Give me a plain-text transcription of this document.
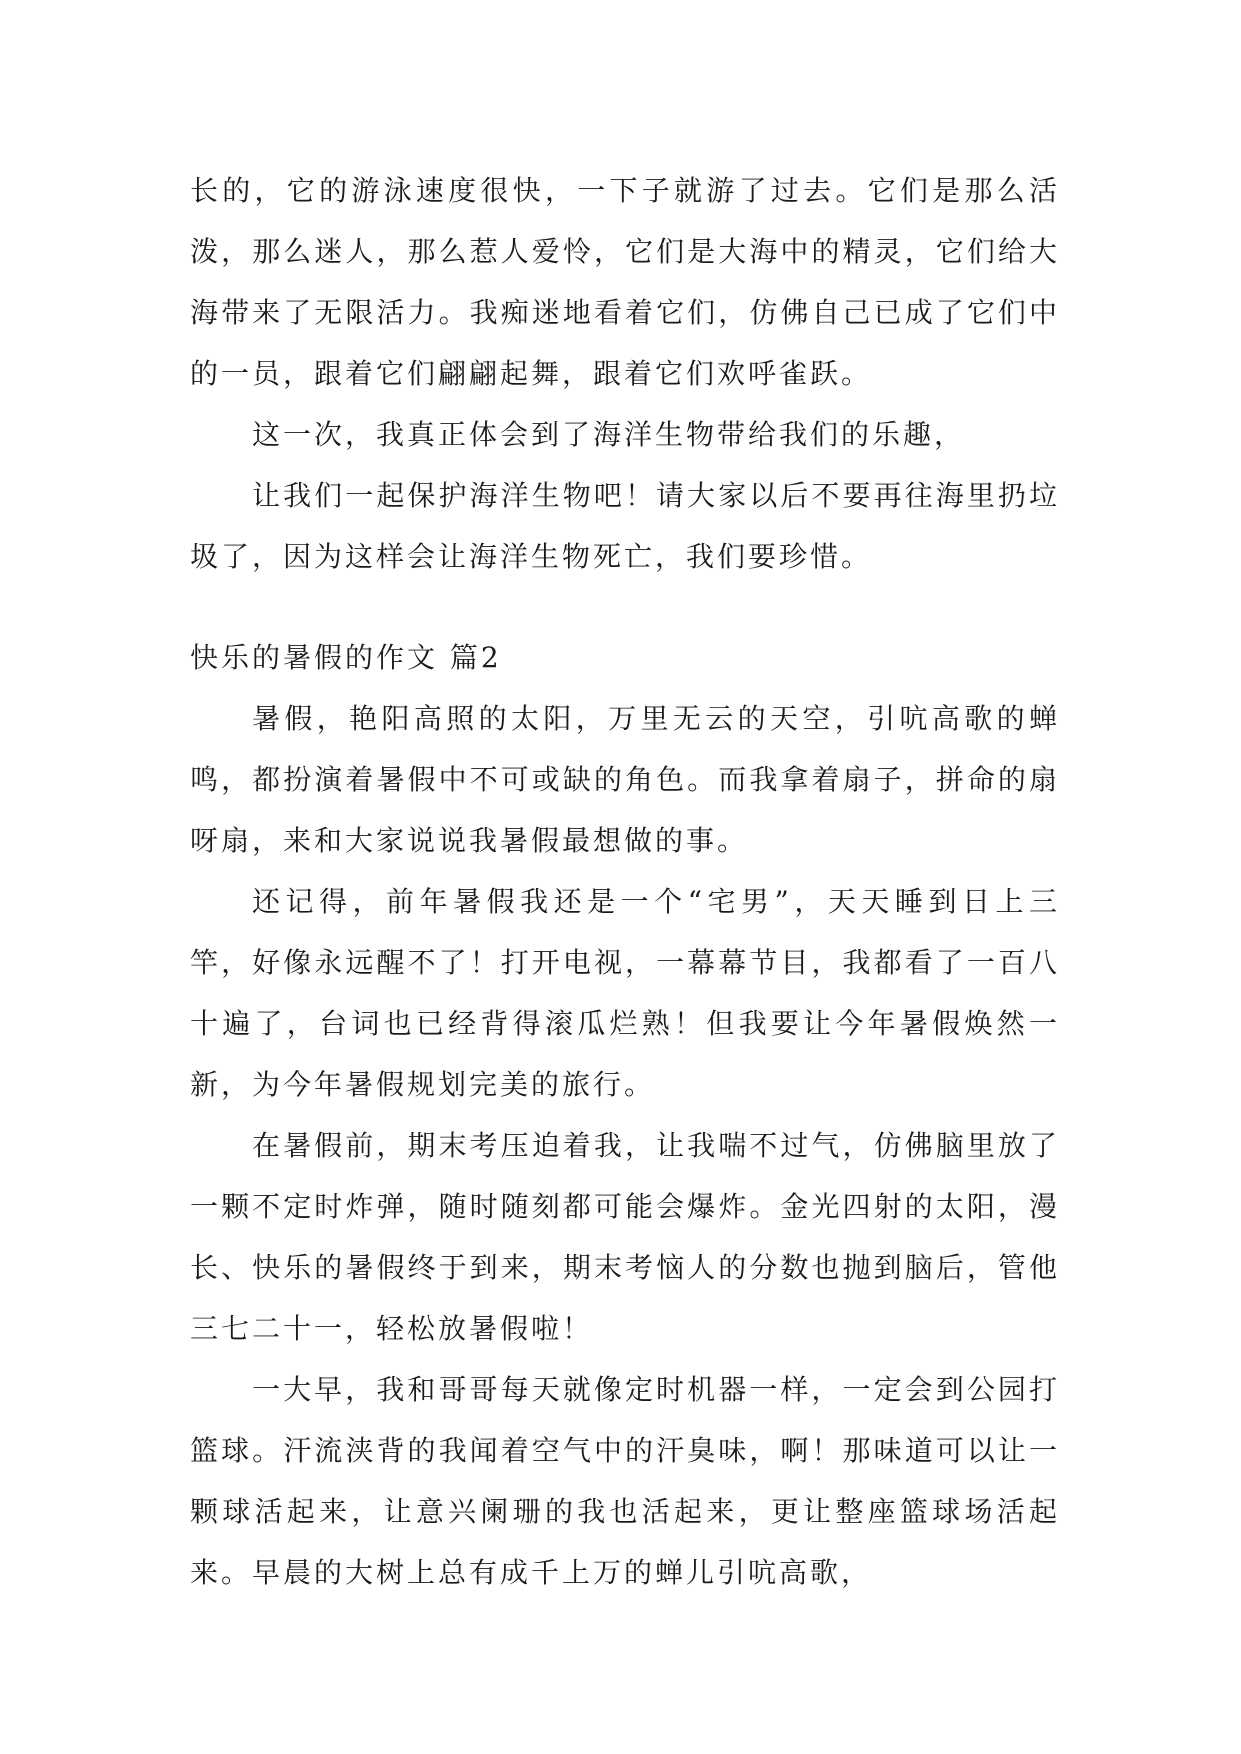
长的，它的游泳速度很快，一下子就游了过去。它们是那么活泼，那么迷人，那么惹人爱怜，它们是大海中的精灵，它们给大海带来了无限活力。我痴迷地看着它们，仿佛自己已成了它们中的一员，跟着它们翩翩起舞，跟着它们欢呼雀跃。

这一次，我真正体会到了海洋生物带给我们的乐趣，

让我们一起保护海洋生物吧！请大家以后不要再往海里扔垃圾了，因为这样会让海洋生物死亡，我们要珍惜。

快乐的暑假的作文 篇2

暑假，艳阳高照的太阳，万里无云的天空，引吭高歌的蝉鸣，都扮演着暑假中不可或缺的角色。而我拿着扇子，拼命的扇呀扇，来和大家说说我暑假最想做的事。

还记得，前年暑假我还是一个“宅男”，天天睡到日上三竿，好像永远醒不了！打开电视，一幕幕节目，我都看了一百八十遍了，台词也已经背得滚瓜烂熟！但我要让今年暑假焕然一新，为今年暑假规划完美的旅行。

在暑假前，期末考压迫着我，让我喘不过气，仿佛脑里放了一颗不定时炸弹，随时随刻都可能会爆炸。金光四射的太阳，漫长、快乐的暑假终于到来，期末考恼人的分数也抛到脑后，管他三七二十一，轻松放暑假啦！

一大早，我和哥哥每天就像定时机器一样，一定会到公园打篮球。汗流浃背的我闻着空气中的汗臭味，啊！那味道可以让一颗球活起来，让意兴阑珊的我也活起来，更让整座篮球场活起来。早晨的大树上总有成千上万的蝉儿引吭高歌，
